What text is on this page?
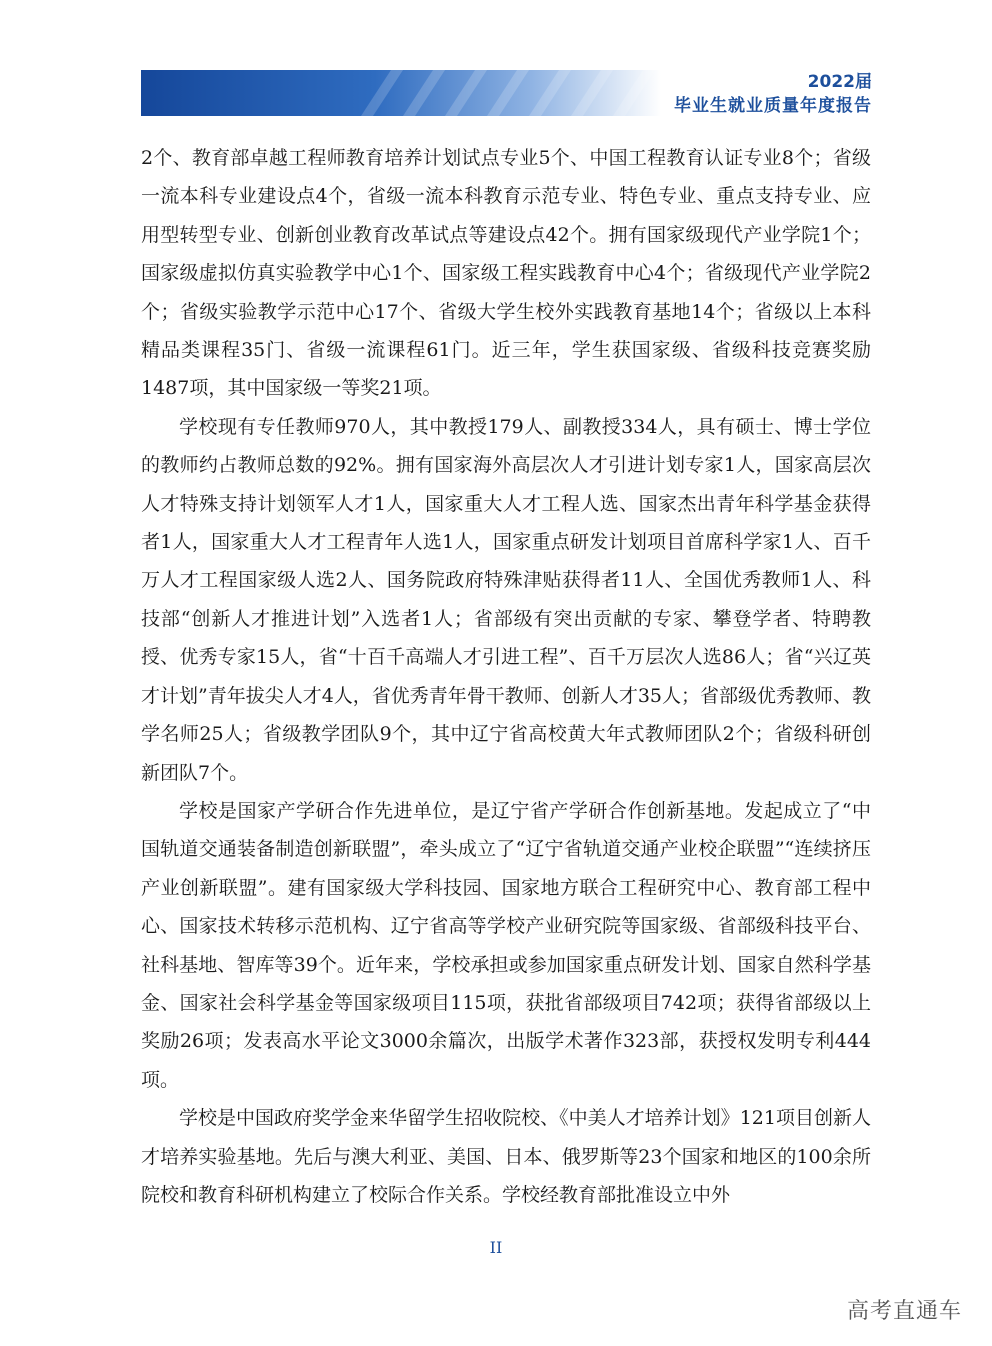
2022届
毕业生就业质量年度报告

2个、教育部卓越工程师教育培养计划试点专业5个、中国工程教育认证专业8个；省级一流本科专业建设点4个，省级一流本科教育示范专业、特色专业、重点支持专业、应用型转型专业、创新创业教育改革试点等建设点42个。拥有国家级现代产业学院1个；国家级虚拟仿真实验教学中心1个、国家级工程实践教育中心4个；省级现代产业学院2个；省级实验教学示范中心17个、省级大学生校外实践教育基地14个；省级以上本科精品类课程35门、省级一流课程61门。近三年，学生获国家级、省级科技竞赛奖励1487项，其中国家级一等奖21项。

学校现有专任教师970人，其中教授179人、副教授334人，具有硕士、博士学位的教师约占教师总数的92%。拥有国家海外高层次人才引进计划专家1人，国家高层次人才特殊支持计划领军人才1人，国家重大人才工程人选、国家杰出青年科学基金获得者1人，国家重大人才工程青年人选1人，国家重点研发计划项目首席科学家1人、百千万人才工程国家级人选2人、国务院政府特殊津贴获得者11人、全国优秀教师1人、科技部“创新人才推进计划”入选者1人；省部级有突出贡献的专家、攀登学者、特聘教授、优秀专家15人，省“十百千高端人才引进工程”、百千万层次人选86人；省“兴辽英才计划”青年拔尖人才4人，省优秀青年骨干教师、创新人才35人；省部级优秀教师、教学名师25人；省级教学团队9个，其中辽宁省高校黄大年式教师团队2个；省级科研创新团队7个。

学校是国家产学研合作先进单位，是辽宁省产学研合作创新基地。发起成立了“中国轨道交通装备制造创新联盟”，牵头成立了“辽宁省轨道交通产业校企联盟”“连续挤压产业创新联盟”。建有国家级大学科技园、国家地方联合工程研究中心、教育部工程中心、国家技术转移示范机构、辽宁省高等学校产业研究院等国家级、省部级科技平台、社科基地、智库等39个。近年来，学校承担或参加国家重点研发计划、国家自然科学基金、国家社会科学基金等国家级项目115项，获批省部级项目742项；获得省部级以上奖励26项；发表高水平论文3000余篇次，出版学术著作323部，获授权发明专利444项。

学校是中国政府奖学金来华留学生招收院校、《中美人才培养计划》121项目创新人才培养实验基地。先后与澳大利亚、美国、日本、俄罗斯等23个国家和地区的100余所院校和教育科研机构建立了校际合作关系。学校经教育部批准设立中外

II
高考直通车
